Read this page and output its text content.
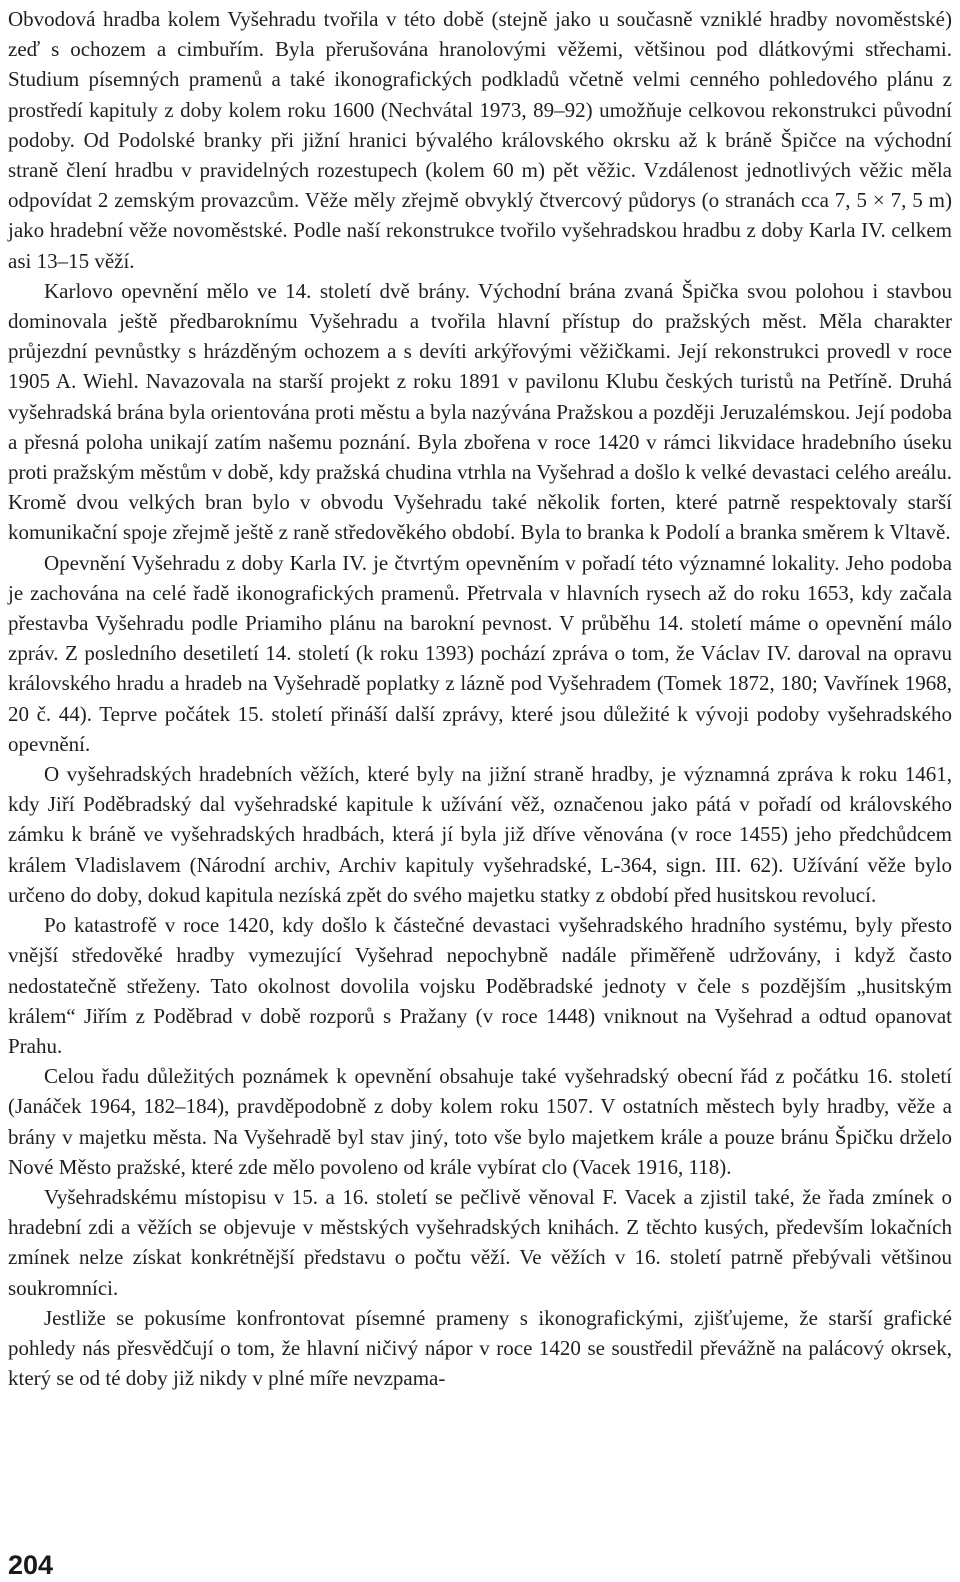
Obvodová hradba kolem Vyšehradu tvořila v této době (stejně jako u současně vzniklé hradby novoměstské) zeď s ochozem a cimbuřím. Byla přerušována hranolovými věžemi, většinou pod dlátkovými střechami. Studium písemných pramenů a také ikonografických podkladů včetně velmi cenného pohledového plánu z prostředí kapituly z doby kolem roku 1600 (Nechvátal 1973, 89–92) umožňuje celkovou rekonstrukci původní podoby. Od Podolské branky při jižní hranici bývalého královského okrsku až k bráně Špičce na východní straně člení hradbu v pravidelných rozestupech (kolem 60 m) pět věžic. Vzdálenost jednotlivých věžic měla odpovídat 2 zemským provazcům. Věže měly zřejmě obvyklý čtvercový půdorys (o stranách cca 7, 5 × 7, 5 m) jako hradební věže novoměstské. Podle naší rekonstrukce tvořilo vyšehradskou hradbu z doby Karla IV. celkem asi 13–15 věží.

Karlovo opevnění mělo ve 14. století dvě brány. Východní brána zvaná Špička svou polohou i stavbou dominovala ještě předbaroknímu Vyšehradu a tvořila hlavní přístup do pražských měst. Měla charakter průjezdní pevnůstky s hrázděným ochozem a s devíti arkýřovými věžičkami. Její rekonstrukci provedl v roce 1905 A. Wiehl. Navazovala na starší projekt z roku 1891 v pavilonu Klubu českých turistů na Petříně. Druhá vyšehradská brána byla orientována proti městu a byla nazývána Pražskou a později Jeruzalémskou. Její podoba a přesná poloha unikají zatím našemu poznání. Byla zbořena v roce 1420 v rámci likvidace hradebního úseku proti pražským městům v době, kdy pražská chudina vtrhla na Vyšehrad a došlo k velké devastaci celého areálu. Kromě dvou velkých bran bylo v obvodu Vyšehradu také několik forten, které patrně respektovaly starší komunikační spoje zřejmě ještě z raně středověkého období. Byla to branka k Podolí a branka směrem k Vltavě.

Opevnění Vyšehradu z doby Karla IV. je čtvrtým opevněním v pořadí této významné lokality. Jeho podoba je zachována na celé řadě ikonografických pramenů. Přetrvala v hlavních rysech až do roku 1653, kdy začala přestavba Vyšehradu podle Priamiho plánu na barokní pevnost. V průběhu 14. století máme o opevnění málo zpráv. Z posledního desetiletí 14. století (k roku 1393) pochází zpráva o tom, že Václav IV. daroval na opravu královského hradu a hradeb na Vyšehradě poplatky z lázně pod Vyšehradem (Tomek 1872, 180; Vavřínek 1968, 20 č. 44). Teprve počátek 15. století přináší další zprávy, které jsou důležité k vývoji podoby vyšehradského opevnění.

O vyšehradských hradebních věžích, které byly na jižní straně hradby, je významná zpráva k roku 1461, kdy Jiří Poděbradský dal vyšehradské kapitule k užívání věž, označenou jako pátá v pořadí od královského zámku k bráně ve vyšehradských hradbách, která jí byla již dříve věnována (v roce 1455) jeho předchůdcem králem Vladislavem (Národní archiv, Archiv kapituly vyšehradské, L-364, sign. III. 62). Užívání věže bylo určeno do doby, dokud kapitula nezíská zpět do svého majetku statky z období před husitskou revolucí.

Po katastrofě v roce 1420, kdy došlo k částečné devastaci vyšehradského hradního systému, byly přesto vnější středověké hradby vymezující Vyšehrad nepochybně nadále přiměřeně udržovány, i když často nedostatečně střeženy. Tato okolnost dovolila vojsku Poděbradské jednoty v čele s pozdějším „husitským králem“ Jiřím z Poděbrad v době rozporů s Pražany (v roce 1448) vniknout na Vyšehrad a odtud opanovat Prahu.

Celou řadu důležitých poznámek k opevnění obsahuje také vyšehradský obecní řád z počátku 16. století (Janáček 1964, 182–184), pravděpodobně z doby kolem roku 1507. V ostatních městech byly hradby, věže a brány v majetku města. Na Vyšehradě byl stav jiný, toto vše bylo majetkem krále a pouze bránu Špičku drželo Nové Město pražské, které zde mělo povoleno od krále vybírat clo (Vacek 1916, 118).

Vyšehradskému místopisu v 15. a 16. století se pečlivě věnoval F. Vacek a zjistil také, že řada zmínek o hradební zdi a věžích se objevuje v městských vyšehradských knihách. Z těchto kusých, především lokačních zmínek nelze získat konkrétnější představu o počtu věží. Ve věžích v 16. století patrně přebývali většinou soukromníci.

Jestliže se pokusíme konfrontovat písemné prameny s ikonografickými, zjišťujeme, že starší grafické pohledy nás přesvědčují o tom, že hlavní ničivý nápor v roce 1420 se soustředil převážně na palácový okrsek, který se od té doby již nikdy v plné míře nevzpama-

204
